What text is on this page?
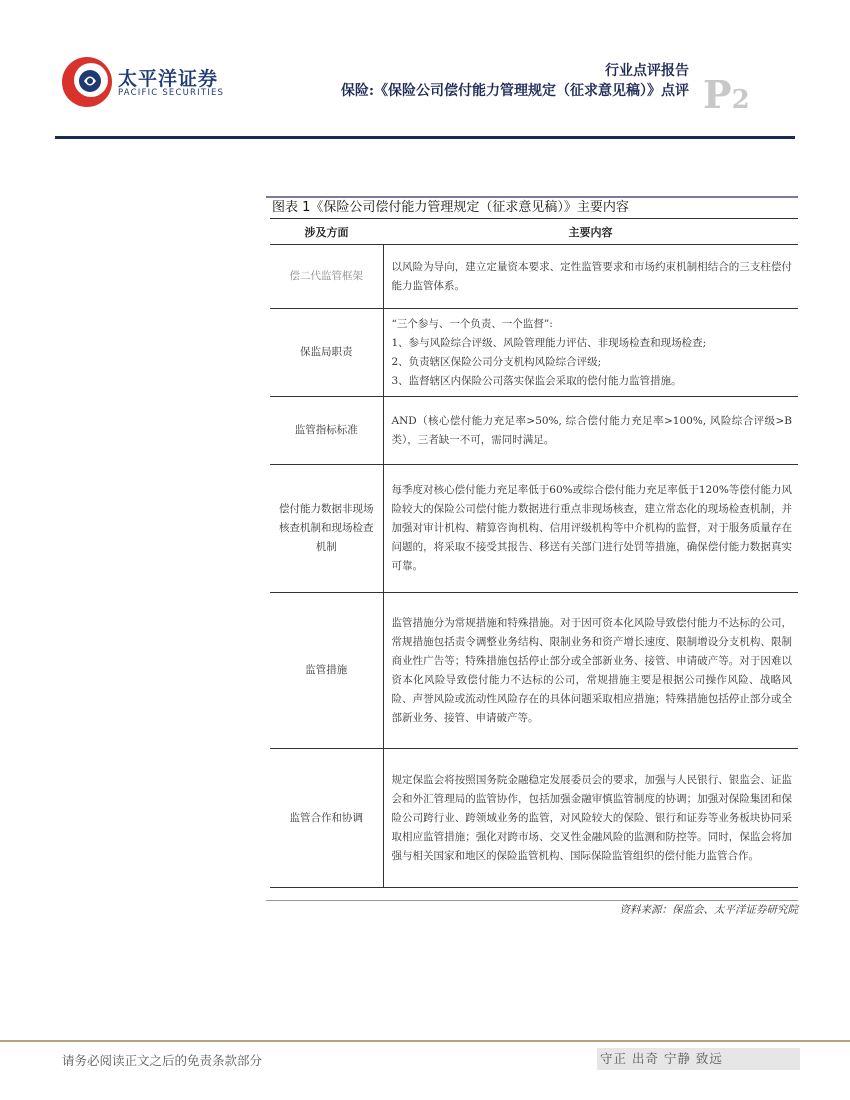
太平洋证券
PACIFIC SECURITIES
行业点评报告
保险:《保险公司偿付能力管理规定（征求意见稿）》点评 P2
图表 1《保险公司偿付能力管理规定（征求意见稿）》主要内容
涉及方面	主要内容
偿二代监管框架	以风险为导向，建立定量资本要求、定性监管要求和市场约束机制相结合的三支柱偿付能力监管体系。
保监局职责	“三个参与、一个负责、一个监督”:
1、参与风险综合评级、风险管理能力评估、非现场检查和现场检查;
2、负责辖区保险公司分支机构风险综合评级;
3、监督辖区内保险公司落实保监会采取的偿付能力监管措施。

监管指标标准	AND（核心偿付能力充足率>50%, 综合偿付能力充足率>100%, 风险综合评级>B 类），三者缺一不可，需同时满足。
偿付能力数据非现场核查机制和现场检查机制	每季度对核心偿付能力充足率低于60%或综合偿付能力充足率低于120%等偿付能力风险较大的保险公司偿付能力数据进行重点非现场核查，建立常态化的现场检查机制，并加强对审计机构、精算咨询机构、信用评级机构等中介机构的监督，对于服务质量存在问题的，将采取不接受其报告、移送有关部门进行处罚等措施，确保偿付能力数据真实可靠。
监管措施	监管措施分为常规措施和特殊措施。对于因可资本化风险导致偿付能力不达标的公司，常规措施包括责令调整业务结构、限制业务和资产增长速度、限制增设分支机构、限制商业性广告等；特殊措施包括停止部分或全部新业务、接管、申请破产等。对于因难以资本化风险导致偿付能力不达标的公司，常规措施主要是根据公司操作风险、战略风险、声誉风险或流动性风险存在的具体问题采取相应措施；特殊措施包括停止部分或全部新业务、接管、申请破产等。
监管合作和协调	规定保监会将按照国务院金融稳定发展委员会的要求，加强与人民银行、银监会、证监会和外汇管理局的监管协作，包括加强金融审慎监管制度的协调；加强对保险集团和保险公司跨行业、跨领域业务的监管，对风险较大的保险、银行和证券等业务板块协同采取相应监管措施；强化对跨市场、交叉性金融风险的监测和防控等。同时，保监会将加强与相关国家和地区的保险监管机构、国际保险监管组织的偿付能力监管合作。
资料来源：保监会、太平洋证券研究院
请务必阅读正文之后的免责条款部分	守正 出奇 宁静 致远
